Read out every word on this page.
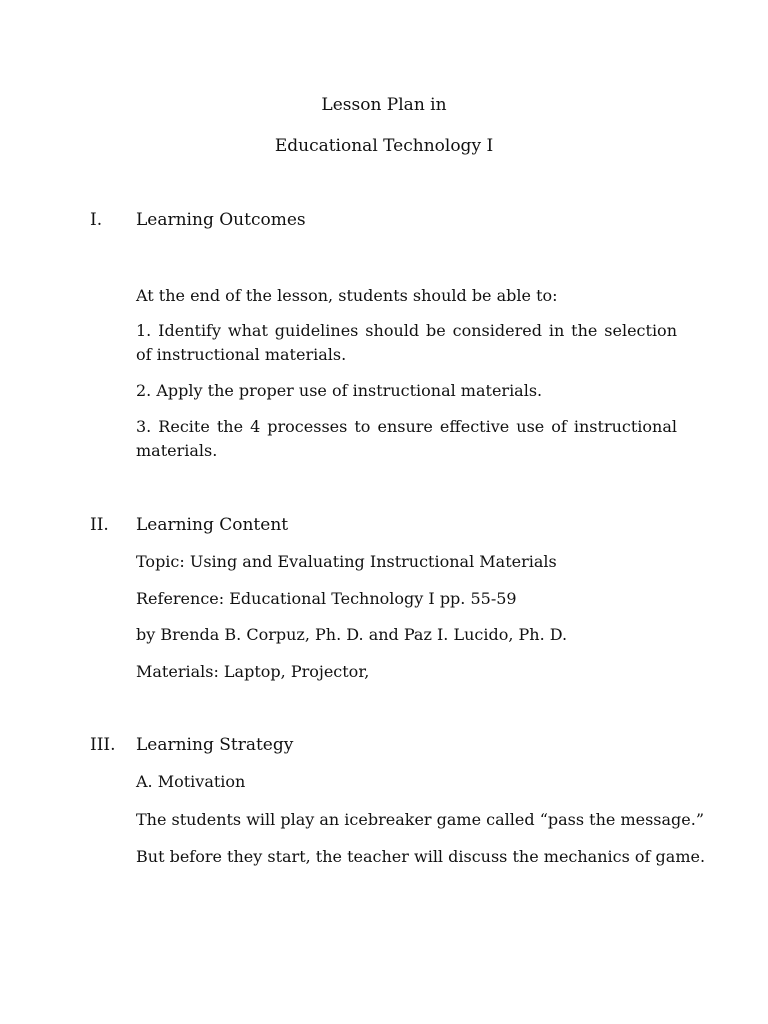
Lesson Plan in
Educational Technology I
I. Learning Outcomes
At the end of the lesson, students should be able to:
1. Identify what guidelines should be considered in the selection of instructional materials.
2. Apply the proper use of instructional materials.
3. Recite the 4 processes to ensure effective use of instructional materials.
II. Learning Content
Topic: Using and Evaluating Instructional Materials
Reference: Educational Technology I pp. 55-59
by Brenda B. Corpuz, Ph. D. and Paz I. Lucido, Ph. D.
Materials: Laptop, Projector,
III. Learning Strategy
A. Motivation
The students will play an icebreaker game called “pass the message.”
But before they start, the teacher will discuss the mechanics of game.
